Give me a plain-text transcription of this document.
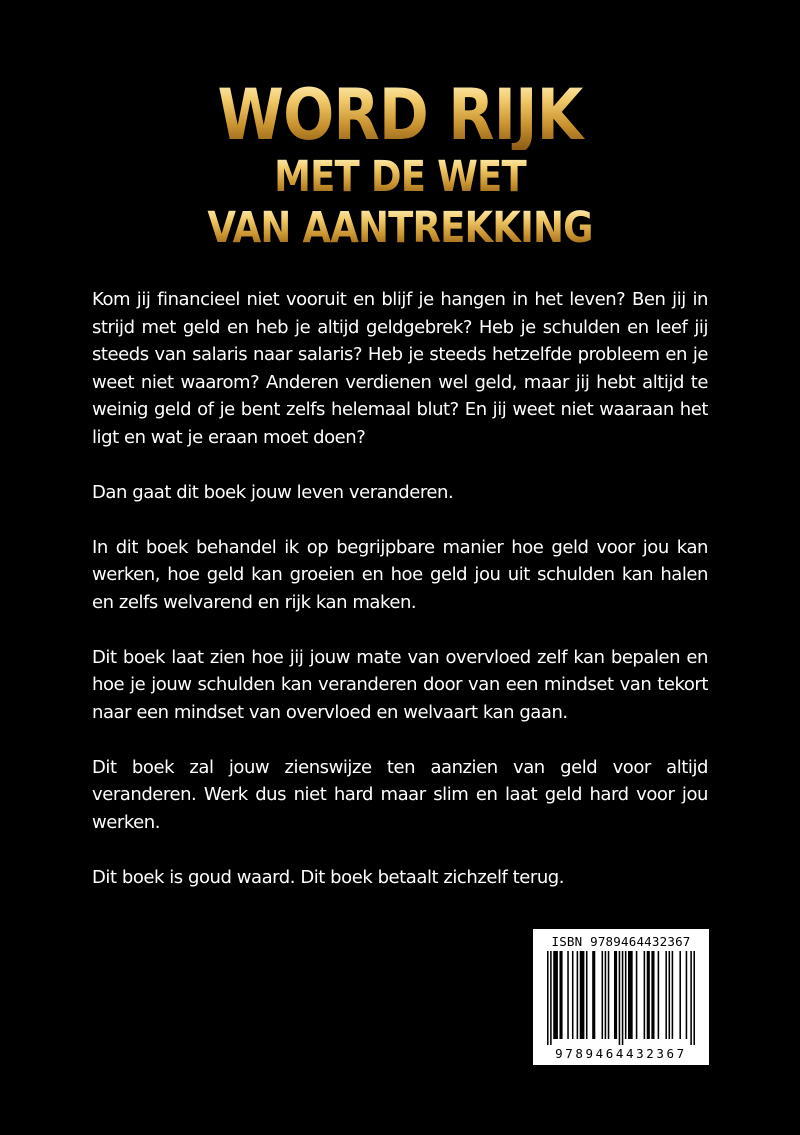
WORD RIJK
MET DE WET
VAN AANTREKKING

Kom jij financieel niet vooruit en blijf je hangen in het leven? Ben jij in strijd met geld en heb je altijd geldgebrek? Heb je schulden en leef jij steeds van salaris naar salaris? Heb je steeds hetzelfde probleem en je weet niet waarom? Anderen verdienen wel geld, maar jij hebt altijd te weinig geld of je bent zelfs helemaal blut? En jij weet niet waaraan het ligt en wat je eraan moet doen?

Dan gaat dit boek jouw leven veranderen.

In dit boek behandel ik op begrijpbare manier hoe geld voor jou kan werken, hoe geld kan groeien en hoe geld jou uit schulden kan halen en zelfs welvarend en rijk kan maken.

Dit boek laat zien hoe jij jouw mate van overvloed zelf kan bepalen en hoe je jouw schulden kan veranderen door van een mindset van tekort naar een mindset van overvloed en welvaart kan gaan.

Dit boek zal jouw zienswijze ten aanzien van geld voor altijd veranderen. Werk dus niet hard maar slim en laat geld hard voor jou werken.

Dit boek is goud waard. Dit boek betaalt zichzelf terug.

ISBN 9789464432367
9789464432367
